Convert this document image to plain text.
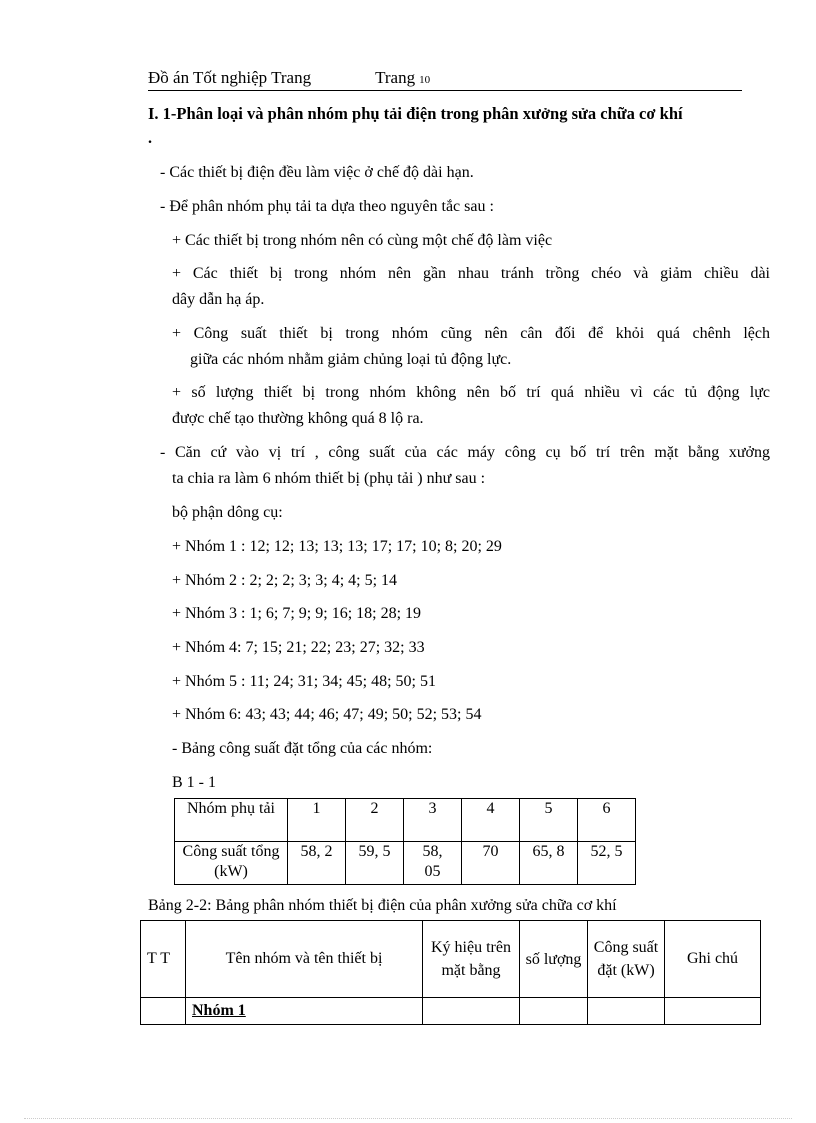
Đồ án Tốt nghiệp Trang	Trang 10
I. 1-Phân loại và phân nhóm phụ tải điện trong phân xưởng sửa chữa cơ khí
.
- Các thiết bị điện đều làm việc ở chế độ dài hạn.
- Để phân nhóm phụ tải ta dựa theo nguyên tắc sau :
+ Các thiết bị trong nhóm nên có cùng một chế độ làm việc
+ Các thiết bị trong nhóm nên gần nhau tránh trồng chéo và giảm chiều dài
dây dẫn hạ áp.
+ Công suất thiết bị trong nhóm cũng nên cân đối để khỏi quá chênh lệch
giữa các nhóm nhằm giảm chủng loại tủ động lực.
+ số lượng thiết bị trong nhóm không nên bố trí quá nhiều vì các tủ động lực
được chế tạo thường không quá 8 lộ ra.
- Căn cứ vào vị trí , công suất của các máy công cụ bố trí trên mặt bằng xưởng
ta chia ra làm 6 nhóm thiết bị (phụ tải ) như sau :
bộ phận dông cụ:
+ Nhóm 1 : 12; 12; 13; 13; 13; 17; 17; 10; 8; 20; 29
+ Nhóm 2 : 2; 2; 2; 3; 3; 4; 4; 5; 14
+ Nhóm 3 : 1; 6; 7; 9; 9; 16; 18; 28; 19
+ Nhóm 4: 7; 15; 21; 22; 23; 27; 32; 33
+ Nhóm 5 : 11; 24; 31; 34; 45; 48; 50; 51
+ Nhóm 6: 43; 43; 44; 46; 47; 49; 50; 52; 53; 54
- Bảng công suất đặt tổng của các nhóm:
B 1 - 1
Nhóm phụ tải	1	2	3	4	5	6
Công suất tổng (kW)	58, 2	59, 5	58, 05	70	65, 8	52, 5
Bảng 2-2: Bảng phân nhóm thiết bị điện của phân xưởng sửa chữa cơ khí
T T	Tên nhóm và tên thiết bị	Ký hiệu trên mặt bằng	số lượng	Công suất đặt (kW)	Ghi chú
	Nhóm 1				
